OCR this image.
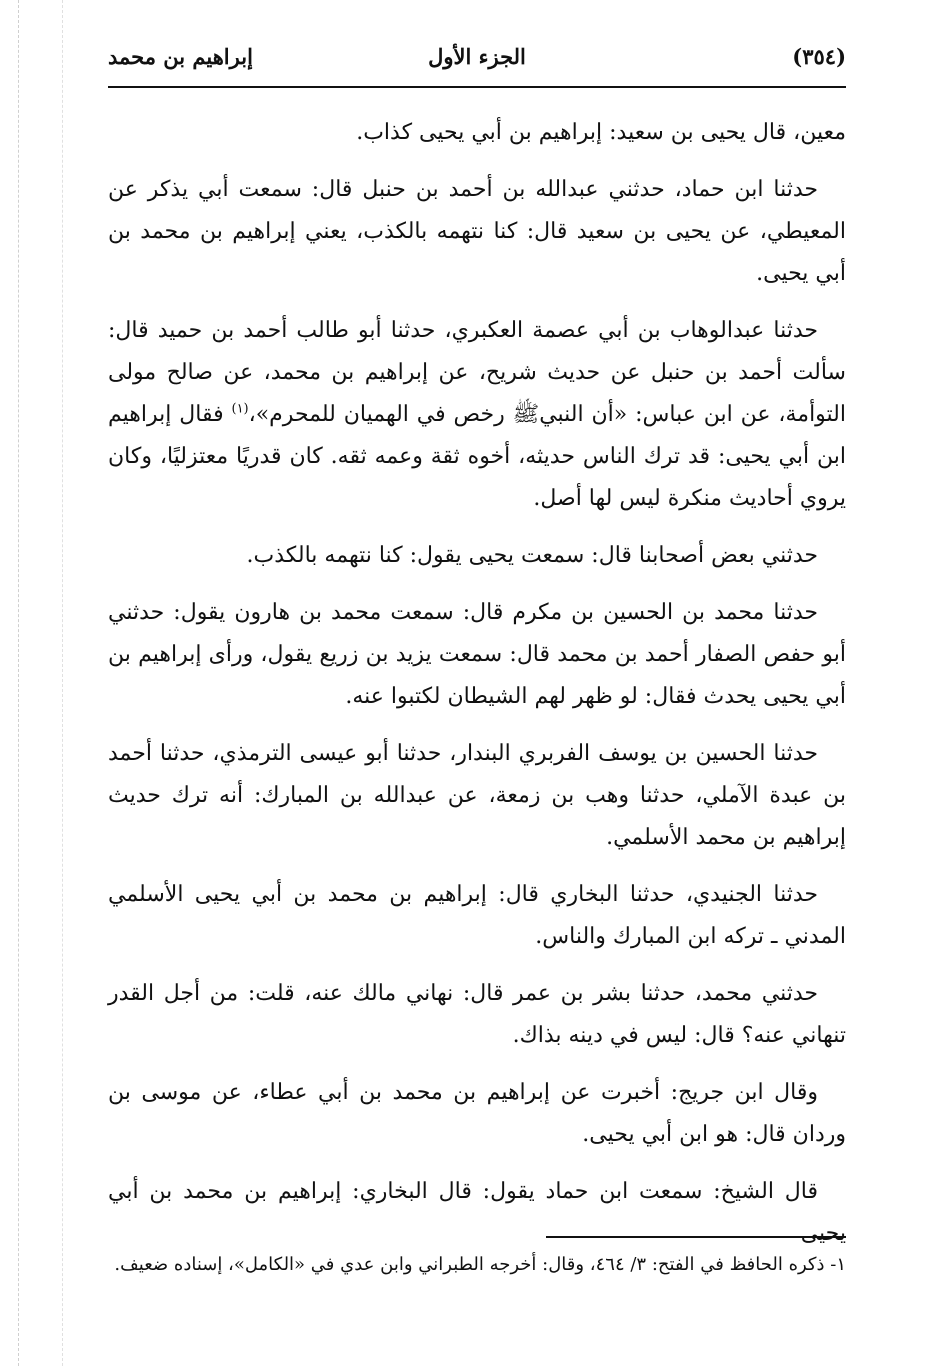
(٣٥٤)
الجزء الأول
إبراهيم بن محمد

معين، قال يحيى بن سعيد: إبراهيم بن أبي يحيى كذاب.

حدثنا ابن حماد، حدثني عبدالله بن أحمد بن حنبل قال: سمعت أبي يذكر عن المعيطي، عن يحيى بن سعيد قال: كنا نتهمه بالكذب، يعني إبراهيم بن محمد بن أبي يحيى.

حدثنا عبدالوهاب بن أبي عصمة العكبري، حدثنا أبو طالب أحمد بن حميد قال: سألت أحمد بن حنبل عن حديث شريح، عن إبراهيم بن محمد، عن صالح مولى التوأمة، عن ابن عباس: «أن النبيﷺ رخص في الهميان للمحرم»،$^{(١)}$ فقال إبراهيم ابن أبي يحيى: قد ترك الناس حديثه، أخوه ثقة وعمه ثقه. كان قدريًا معتزليًا، وكان يروي أحاديث منكرة ليس لها أصل.

حدثني بعض أصحابنا قال: سمعت يحيى يقول: كنا نتهمه بالكذب.

حدثنا محمد بن الحسين بن مكرم قال: سمعت محمد بن هارون يقول: حدثني أبو حفص الصفار أحمد بن محمد قال: سمعت يزيد بن زريع يقول، ورأى إبراهيم بن أبي يحيى يحدث فقال: لو ظهر لهم الشيطان لكتبوا عنه.

حدثنا الحسين بن يوسف الفربري البندار، حدثنا أبو عيسى الترمذي، حدثنا أحمد بن عبدة الآملي، حدثنا وهب بن زمعة، عن عبدالله بن المبارك: أنه ترك حديث إبراهيم بن محمد الأسلمي.

حدثنا الجنيدي، حدثنا البخاري قال: إبراهيم بن محمد بن أبي يحيى الأسلمي المدني ـ تركه ابن المبارك والناس.

حدثني محمد، حدثنا بشر بن عمر قال: نهاني مالك عنه، قلت: من أجل القدر تنهاني عنه؟ قال: ليس في دينه بذاك.

وقال ابن جريج: أخبرت عن إبراهيم بن محمد بن أبي عطاء، عن موسى بن وردان قال: هو ابن أبي يحيى.

قال الشيخ: سمعت ابن حماد يقول: قال البخاري: إبراهيم بن محمد بن أبي يحيى

١- ذكره الحافظ في الفتح: ٣/ ٤٦٤، وقال: أخرجه الطبراني وابن عدي في «الكامل»، إسناده ضعيف.
